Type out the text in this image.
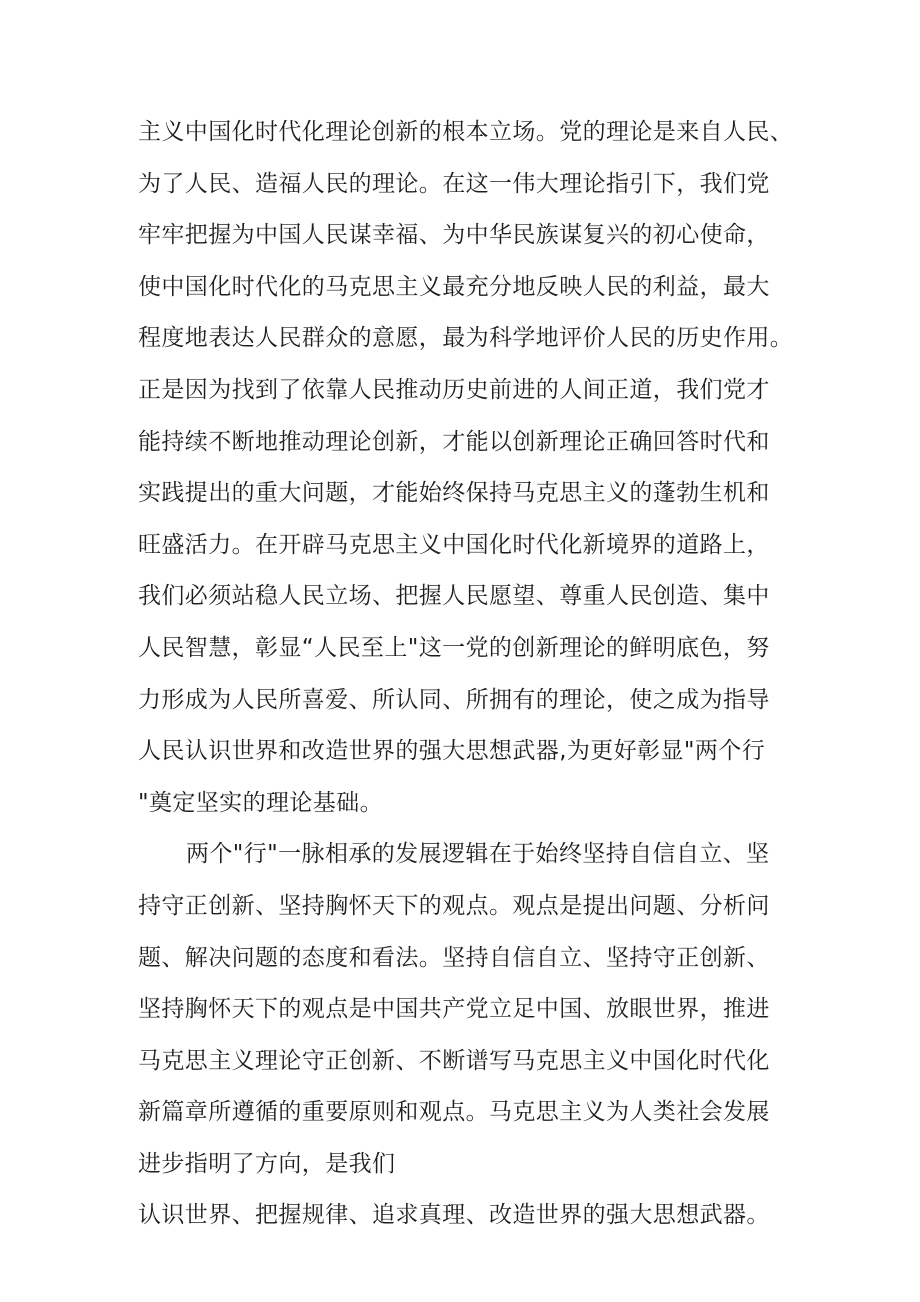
主义中国化时代化理论创新的根本立场。党的理论是来自人民、
为了人民、造福人民的理论。在这一伟大理论指引下，我们党
牢牢把握为中国人民谋幸福、为中华民族谋复兴的初心使命，
使中国化时代化的马克思主义最充分地反映人民的利益，最大
程度地表达人民群众的意愿，最为科学地评价人民的历史作用。
正是因为找到了依靠人民推动历史前进的人间正道，我们党才
能持续不断地推动理论创新，才能以创新理论正确回答时代和
实践提出的重大问题，才能始终保持马克思主义的蓬勃生机和
旺盛活力。在开辟马克思主义中国化时代化新境界的道路上，
我们必须站稳人民立场、把握人民愿望、尊重人民创造、集中
人民智慧，彰显“人民至上"这一党的创新理论的鲜明底色，努
力形成为人民所喜爱、所认同、所拥有的理论，使之成为指导
人民认识世界和改造世界的强大思想武器,为更好彰显"两个行
"奠定坚实的理论基础。
两个"行"一脉相承的发展逻辑在于始终坚持自信自立、坚
持守正创新、坚持胸怀天下的观点。观点是提出问题、分析问
题、解决问题的态度和看法。坚持自信自立、坚持守正创新、
坚持胸怀天下的观点是中国共产党立足中国、放眼世界，推进
马克思主义理论守正创新、不断谱写马克思主义中国化时代化
新篇章所遵循的重要原则和观点。马克思主义为人类社会发展
进步指明了方向，是我们
认识世界、把握规律、追求真理、改造世界的强大思想武器。
